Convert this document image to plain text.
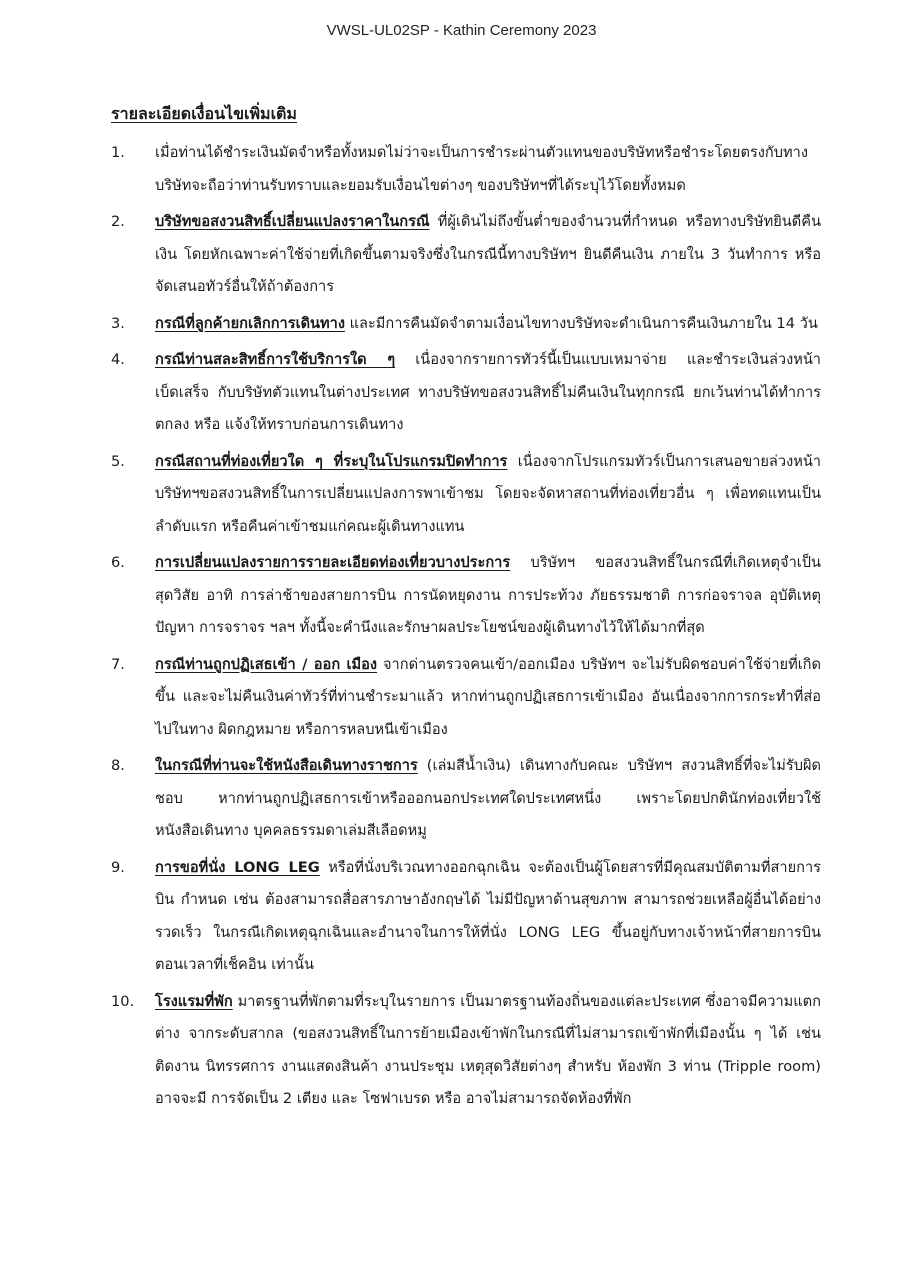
VWSL-UL02SP - Kathin Ceremony 2023
รายละเอียดเงื่อนไขเพิ่มเติม
1.	เมื่อท่านได้ชำระเงินมัดจำหรือทั้งหมดไม่ว่าจะเป็นการชำระผ่านตัวแทนของบริษัทหรือชำระโดยตรงกับทางบริษัทจะถือว่าท่านรับทราบและยอมรับเงื่อนไขต่างๆ ของบริษัทฯที่ได้ระบุไว้โดยทั้งหมด
2.	บริษัทขอสงวนสิทธิ์เปลี่ยนแปลงราคาในกรณี ที่ผู้เดินไม่ถึงขั้นต่ำของจำนวนที่กำหนด หรือทางบริษัทยินดีคืนเงิน โดยหักเฉพาะค่าใช้จ่ายที่เกิดขึ้นตามจริงซึ่งในกรณีนี้ทางบริษัทฯ ยินดีคืนเงิน ภายใน 3 วันทำการ หรือจัดเสนอทัวร์อื่นให้ถ้าต้องการ
3.	กรณีที่ลูกค้ายกเลิกการเดินทาง และมีการคืนมัดจำตามเงื่อนไขทางบริษัทจะดำเนินการคืนเงินภายใน 14 วัน
4.	กรณีท่านสละสิทธิ์การใช้บริการใด ๆ เนื่องจากรายการทัวร์นี้เป็นแบบเหมาจ่าย และชำระเงินล่วงหน้าเบ็ดเสร็จ กับบริษัทตัวแทนในต่างประเทศ ทางบริษัทขอสงวนสิทธิ์ไม่คืนเงินในทุกกรณี ยกเว้นท่านได้ทำการตกลง หรือ แจ้งให้ทราบก่อนการเดินทาง
5.	กรณีสถานที่ท่องเที่ยวใด ๆ ที่ระบุในโปรแกรมปิดทำการ เนื่องจากโปรแกรมทัวร์เป็นการเสนอขายล่วงหน้า บริษัทฯขอสงวนสิทธิ์ในการเปลี่ยนแปลงการพาเข้าชม โดยจะจัดหาสถานที่ท่องเที่ยวอื่น ๆ เพื่อทดแทนเป็นลำดับแรก หรือคืนค่าเข้าชมแก่คณะผู้เดินทางแทน
6.	การเปลี่ยนแปลงรายการรายละเอียดท่องเที่ยวบางประการ บริษัทฯ ขอสงวนสิทธิ์ในกรณีที่เกิดเหตุจำเป็นสุดวิสัย อาทิ การล่าช้าของสายการบิน การนัดหยุดงาน การประท้วง ภัยธรรมชาติ การก่อจราจล อุบัติเหตุ ปัญหา การจราจร ฯลฯ ทั้งนี้จะคำนึงและรักษาผลประโยชน์ของผู้เดินทางไว้ให้ได้มากที่สุด
7.	กรณีท่านถูกปฏิเสธเข้า / ออก เมือง จากด่านตรวจคนเข้า/ออกเมือง บริษัทฯ จะไม่รับผิดชอบค่าใช้จ่ายที่เกิดขึ้น และจะไม่คืนเงินค่าทัวร์ที่ท่านชำระมาแล้ว หากท่านถูกปฏิเสธการเข้าเมือง อันเนื่องจากการกระทำที่ส่อไปในทาง ผิดกฎหมาย หรือการหลบหนีเข้าเมือง
8.	ในกรณีที่ท่านจะใช้หนังสือเดินทางราชการ (เล่มสีน้ำเงิน) เดินทางกับคณะ บริษัทฯ สงวนสิทธิ์ที่จะไม่รับผิดชอบ หากท่านถูกปฏิเสธการเข้าหรือออกนอกประเทศใดประเทศหนึ่ง เพราะโดยปกตินักท่องเที่ยวใช้หนังสือเดินทาง บุคคลธรรมดาเล่มสีเลือดหมู
9.	การขอที่นั่ง LONG LEG หรือที่นั่งบริเวณทางออกฉุกเฉิน จะต้องเป็นผู้โดยสารที่มีคุณสมบัติตามที่สายการบิน กำหนด เช่น ต้องสามารถสื่อสารภาษาอังกฤษได้ ไม่มีปัญหาด้านสุขภาพ สามารถช่วยเหลือผู้อื่นได้อย่างรวดเร็ว ในกรณีเกิดเหตุฉุกเฉินและอำนาจในการให้ที่นั่ง LONG LEG ขึ้นอยู่กับทางเจ้าหน้าที่สายการบินตอนเวลาที่เช็คอิน เท่านั้น
10.	โรงแรมที่พัก มาตรฐานที่พักตามที่ระบุในรายการ เป็นมาตรฐานท้องถิ่นของแต่ละประเทศ ซึ่งอาจมีความแตกต่าง จากระดับสากล (ขอสงวนสิทธิ์ในการย้ายเมืองเข้าพักในกรณีที่ไม่สามารถเข้าพักที่เมืองนั้น ๆ ได้ เช่น ติดงาน นิทรรศการ งานแสดงสินค้า งานประชุม เหตุสุดวิสัยต่างๆ สำหรับ ห้องพัก 3 ท่าน (Tripple room) อาจจะมี การจัดเป็น 2 เตียง และ โซฟาเบรด หรือ อาจไม่สามารถจัดห้องที่พัก
